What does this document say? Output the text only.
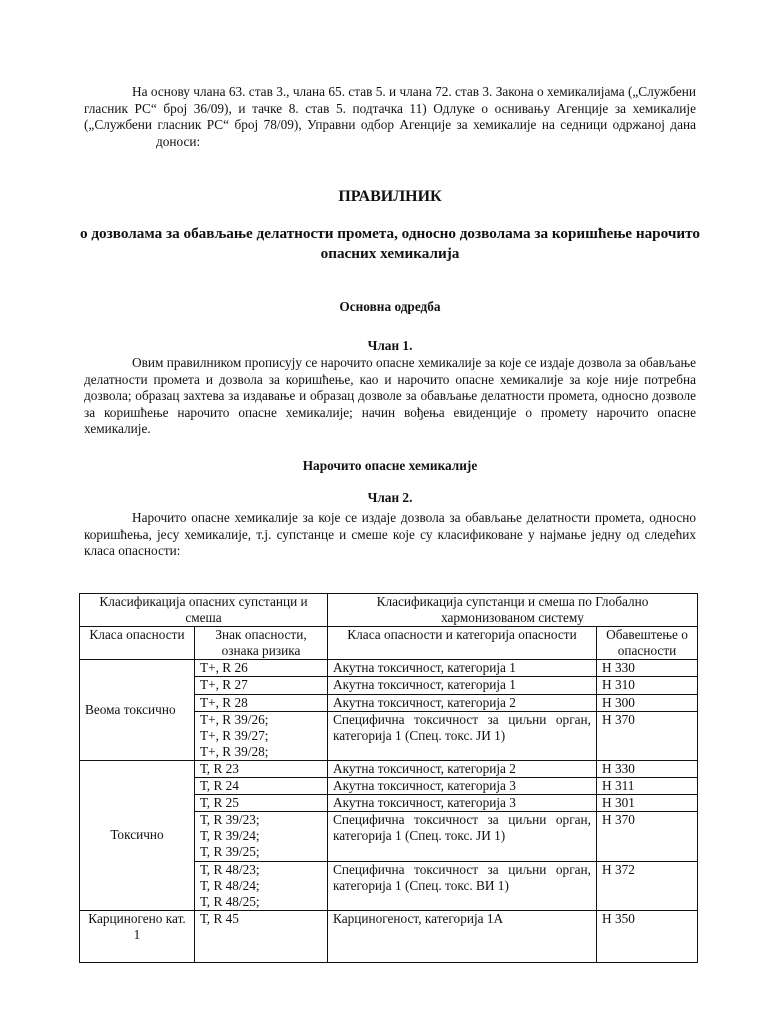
На основу члана 63. став 3., члана 65. став 5. и члана 72. став 3. Закона о хемикалијама („Службени гласник РС“ број 36/09), и тачке 8. став 5. подтачка 11) Одлуке о оснивању Агенције за хемикалије („Службени гласник РС“ број 78/09), Управни одбор Агенције за хемикалије на седници одржаној данадоноси:
ПРАВИЛНИК
о дозволама за обављање делатности промета, односно дозволама за коришћење нарочито опасних хемикалија
Основна одредба
Члан 1.
Овим правилником прописују се нарочито опасне хемикалије за које се издаје дозвола за обављање делатности промета и дозвола за коришћење, као и нарочито опасне хемикалије за које није потребна дозвола; образац захтева за издавање и образац дозволе за обављање делатности промета, односно дозволе за коришћење нарочито опасне хемикалије; начин вођења евиденције о промету нарочито опасне хемикалије.
Нарочито опасне хемикалије
Члан 2.
Нарочито опасне хемикалије за које се издаје дозвола за обављање делатности промета, односно коришћења, јесу хемикалије, т.ј. супстанце и смеше које су класификоване у најмање једну од следећих класа опасности:
Класификација опасних супстанци и смеша		Класификација супстанци и смеша по Глобално хармонизованом систему	
Класа опасности	Знак опасности, ознака ризика	Класа опасности и категорија опасности	Обавештење о опасности
Веома токсично	Т+, R 26	Акутна токсичност, категорија 1	Н 330
	Т+, R 27	Акутна токсичност, категорија 1	Н 310
	Т+, R 28	Акутна токсичност, категорија 2	Н 300

	Т+, R 39/26;
Т+, R 39/27;
Т+, R 39/28;	Специфична токсичност за циљни орган, категорија 1 (Спец. токс. ЈИ 1)	Н 370
Токсично	Т, R 23	Акутна токсичност, категорија 2	Н 330
	Т, R 24	Акутна токсичност, категорија 3	Н 311
	Т, R 25	Акутна токсичност, категорија 3	Н 301

	Т, R 39/23;
Т, R 39/24;
Т, R 39/25;	Специфична токсичност за циљни орган, категорија 1 (Спец. токс. ЈИ 1)	Н 370

	Т, R 48/23;
Т, R 48/24;
Т, R 48/25;	Специфична токсичност за циљни орган, категорија 1 (Спец. токс. ВИ 1)	Н 372
Карциногено кат. 1	Т, R 45	Карциногеност, категорија 1А	Н 350
